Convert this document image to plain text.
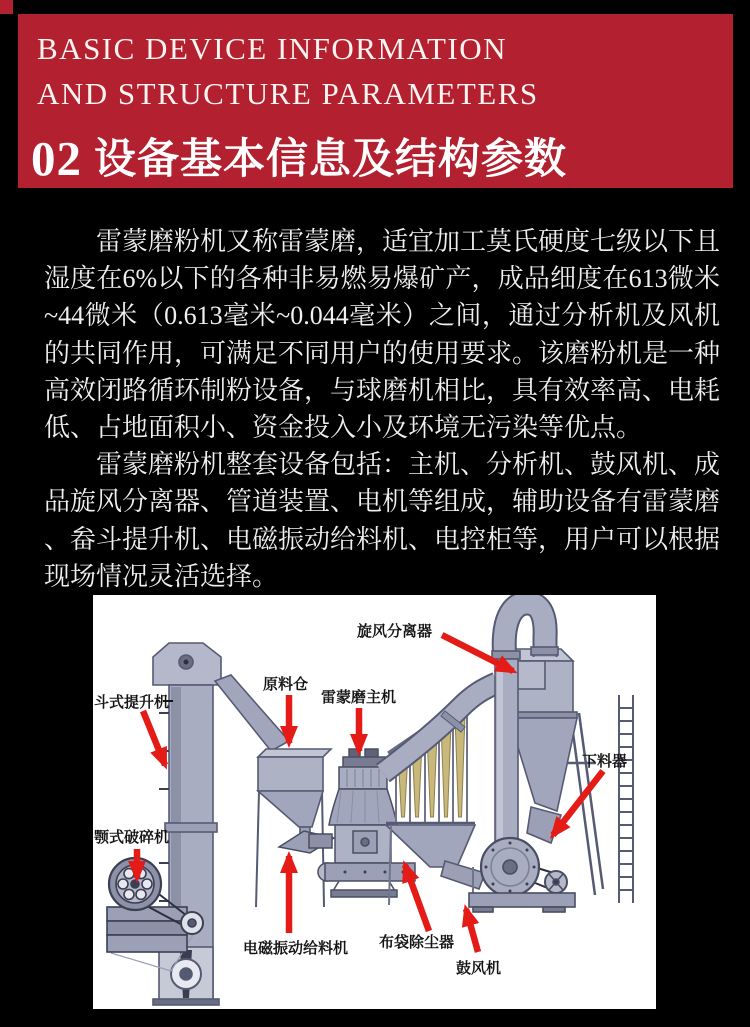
BASIC DEVICE INFORMATION
AND STRUCTURE PARAMETERS
02 设备基本信息及结构参数

雷蒙磨粉机又称雷蒙磨，适宜加工莫氏硬度七级以下且湿度在6%以下的各种非易燃易爆矿产，成品细度在613微米~44微米（0.613毫米~0.044毫米）之间，通过分析机及风机的共同作用，可满足不同用户的使用要求。该磨粉机是一种高效闭路循环制粉设备，与球磨机相比，具有效率高、电耗低、占地面积小、资金投入小及环境无污染等优点。

雷蒙磨粉机整套设备包括：主机、分析机、鼓风机、成品旋风分离器、管道装置、电机等组成，辅助设备有雷蒙磨 、畚斗提升机、电磁振动给料机、电控柜等，用户可以根据现场情况灵活选择。

旋风分离器
斗式提升机
原料仓
雷蒙磨主机
下料器
颚式破碎机
电磁振动给料机 布袋除尘器
鼓风机
